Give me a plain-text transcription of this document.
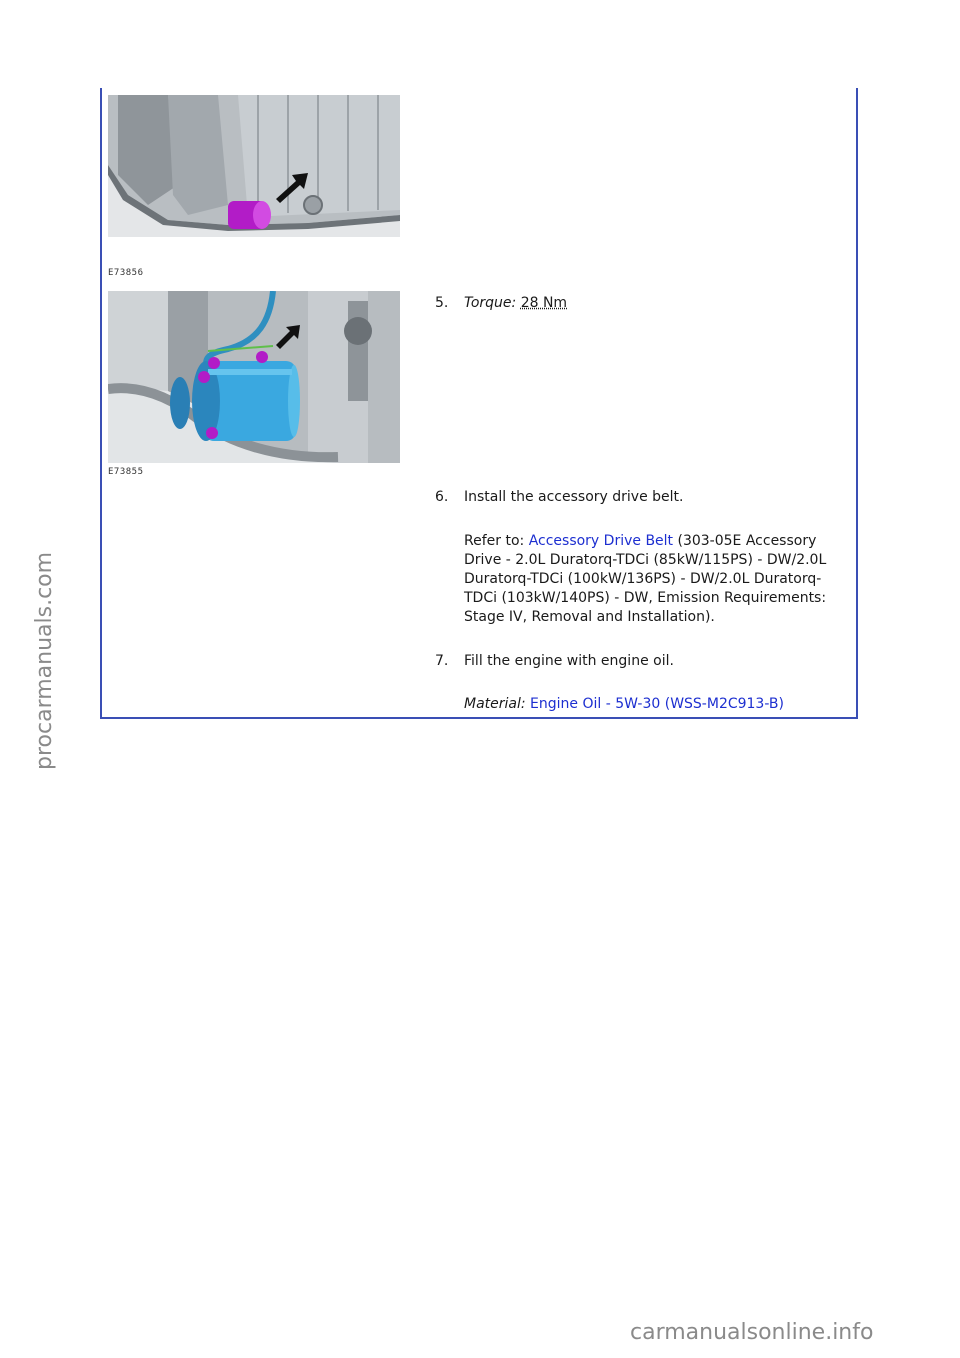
procarmanuals.com
E73856
E73855
5.	Torque: 28 Nm
6.	Install the accessory drive belt.
Refer to: Accessory Drive Belt (303-05E Accessory Drive - 2.0L Duratorq-TDCi (85kW/115PS) - DW/2.0L Duratorq-TDCi (100kW/136PS) - DW/2.0L Duratorq-TDCi (103kW/140PS) - DW, Emission Requirements: Stage IV, Removal and Installation).
7.	Fill the engine with engine oil.
Material: Engine Oil - 5W-30 (WSS-M2C913-B)
carmanualsonline.info
